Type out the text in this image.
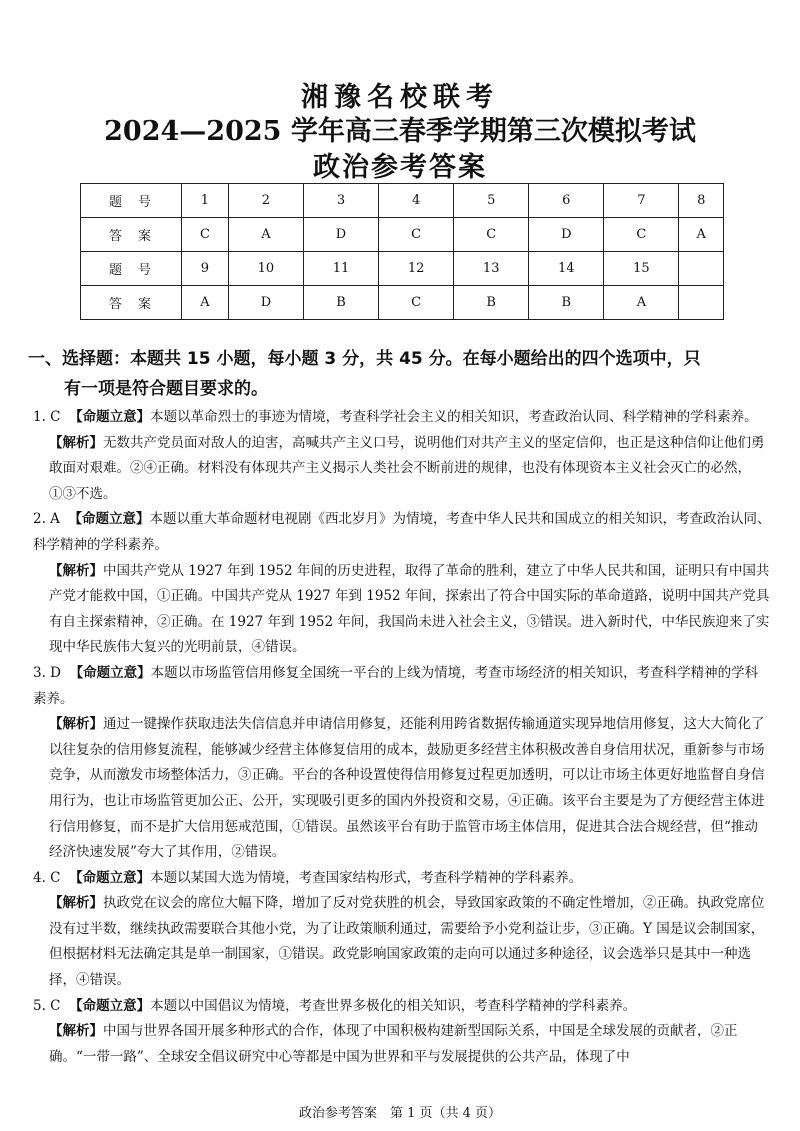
湘豫名校联考
2024—2025 学年高三春季学期第三次模拟考试
政治参考答案
题号	1	2	3	4	5	6	7	8
答案	C	A	D	C	C	D	C	A
题号	9	10	11	12	13	14	15	
答案	A	D	B	C	B	B	A	
一、选择题：本题共 15 小题，每小题 3 分，共 45 分。在每小题给出的四个选项中，只
有一项是符合题目要求的。
1. C 【命题立意】本题以革命烈士的事迹为情境，考查科学社会主义的相关知识，考查政治认同、科学精神的学科素养。
【解析】无数共产党员面对敌人的迫害，高喊共产主义口号，说明他们对共产主义的坚定信仰，也正是这种信仰让他们勇敢面对艰难。②④正确。材料没有体现共产主义揭示人类社会不断前进的规律，也没有体现资本主义社会灭亡的必然，①③不选。
2. A 【命题立意】本题以重大革命题材电视剧《西北岁月》为情境，考查中华人民共和国成立的相关知识，考查政治认同、科学精神的学科素养。
【解析】中国共产党从 1927 年到 1952 年间的历史进程，取得了革命的胜利，建立了中华人民共和国，证明只有中国共产党才能救中国，①正确。中国共产党从 1927 年到 1952 年间，探索出了符合中国实际的革命道路，说明中国共产党具有自主探索精神，②正确。在 1927 年到 1952 年间，我国尚未进入社会主义，③错误。进入新时代，中华民族迎来了实现中华民族伟大复兴的光明前景，④错误。
3. D 【命题立意】本题以市场监管信用修复全国统一平台的上线为情境，考查市场经济的相关知识，考查科学精神的学科素养。
【解析】通过一键操作获取违法失信信息并申请信用修复，还能利用跨省数据传输通道实现异地信用修复，这大大简化了以往复杂的信用修复流程，能够减少经营主体修复信用的成本，鼓励更多经营主体积极改善自身信用状况，重新参与市场竞争，从而激发市场整体活力，③正确。平台的各种设置使得信用修复过程更加透明，可以让市场主体更好地监督自身信用行为，也让市场监管更加公正、公开，实现吸引更多的国内外投资和交易，④正确。该平台主要是为了方便经营主体进行信用修复，而不是扩大信用惩戒范围，①错误。虽然该平台有助于监管市场主体信用，促进其合法合规经营，但“推动经济快速发展”夸大了其作用，②错误。
4. C 【命题立意】本题以某国大选为情境，考查国家结构形式，考查科学精神的学科素养。
【解析】执政党在议会的席位大幅下降，增加了反对党获胜的机会，导致国家政策的不确定性增加，②正确。执政党席位没有过半数，继续执政需要联合其他小党，为了让政策顺利通过，需要给予小党利益让步，③正确。Y 国是议会制国家，但根据材料无法确定其是单一制国家，①错误。政党影响国家政策的走向可以通过多种途径，议会选举只是其中一种选择，④错误。
5. C 【命题立意】本题以中国倡议为情境，考查世界多极化的相关知识，考查科学精神的学科素养。
【解析】中国与世界各国开展多种形式的合作，体现了中国积极构建新型国际关系，中国是全球发展的贡献者，②正确。“一带一路”、全球安全倡议研究中心等都是中国为世界和平与发展提供的公共产品，体现了中
政治参考答案　第 1 页（共 4 页）
